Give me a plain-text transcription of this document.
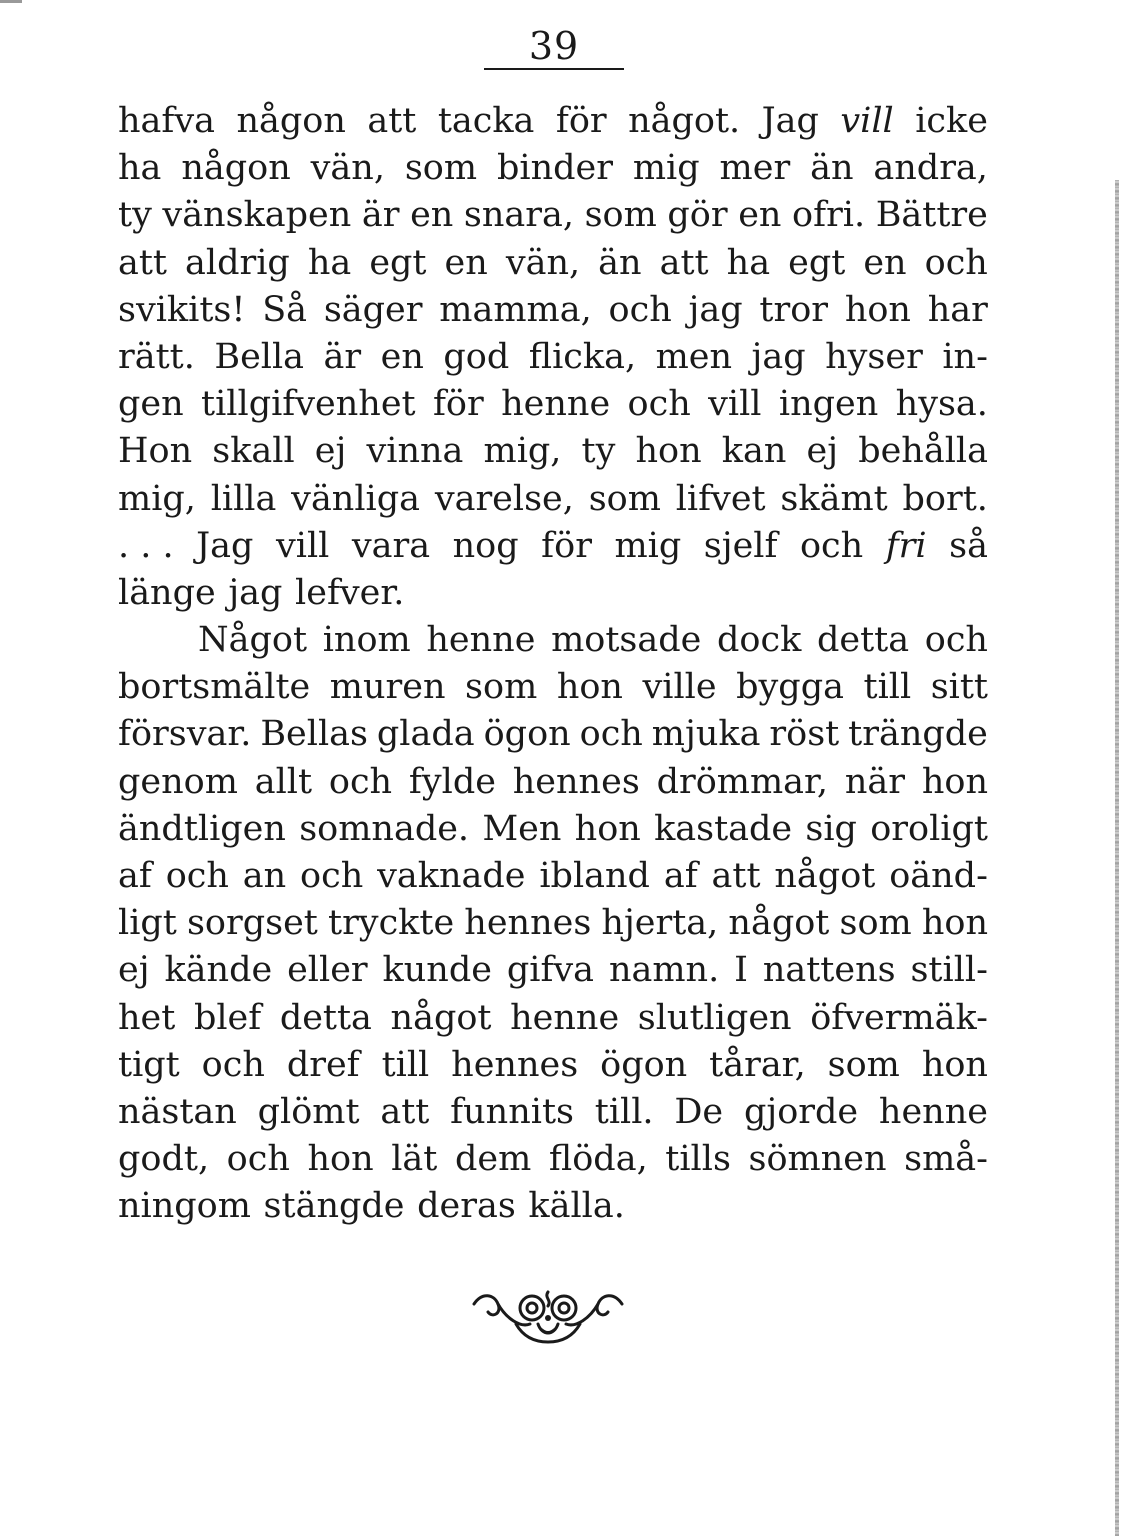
39
hafva någon att tacka för något. Jag vill icke
ha någon vän, som binder mig mer än andra,
ty vänskapen är en snara, som gör en ofri. Bättre
att aldrig ha egt en vän, än att ha egt en och
svikits! Så säger mamma, och jag tror hon har
rätt. Bella är en god flicka, men jag hyser in-
gen tillgifvenhet för henne och vill ingen hysa.
Hon skall ej vinna mig, ty hon kan ej behålla
mig, lilla vänliga varelse, som lifvet skämt bort.
. . . Jag vill vara nog för mig sjelf och fri så
länge jag lefver.
Något inom henne motsade dock detta och
bortsmälte muren som hon ville bygga till sitt
försvar. Bellas glada ögon och mjuka röst trängde
genom allt och fylde hennes drömmar, när hon
ändtligen somnade. Men hon kastade sig oroligt
af och an och vaknade ibland af att något oänd-
ligt sorgset tryckte hennes hjerta, något som hon
ej kände eller kunde gifva namn. I nattens still-
het blef detta något henne slutligen öfvermäk-
tigt och dref till hennes ögon tårar, som hon
nästan glömt att funnits till. De gjorde henne
godt, och hon lät dem flöda, tills sömnen små-
ningom stängde deras källa.
